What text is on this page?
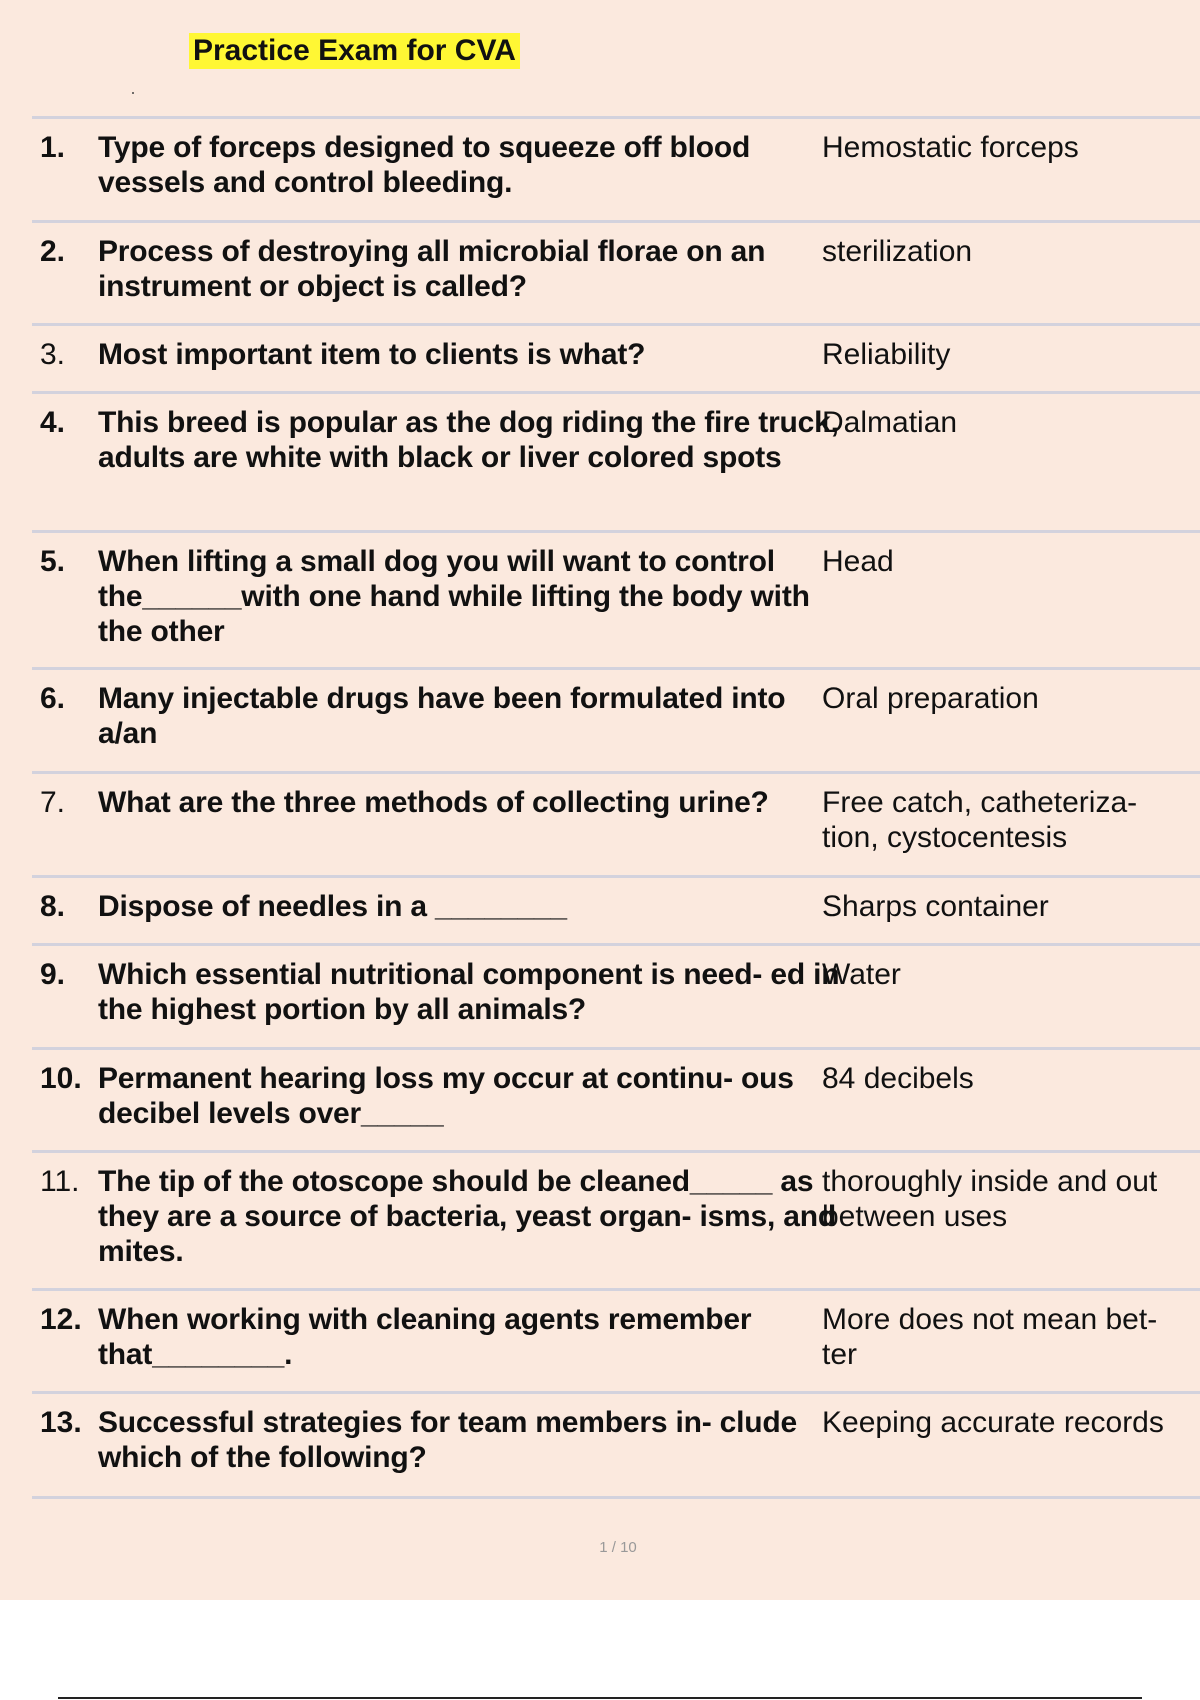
Practice Exam for CVA
1. Type of forceps designed to squeeze off blood vessels and control bleeding.
Hemostatic forceps
2. Process of destroying all microbial florae on an instrument or object is called?
sterilization
3. Most important item to clients is what?	Reliability
4. This breed is popular as the dog riding the fire truck, adults are white with black or liver colored spots
Dalmatian
5. When lifting a small dog you will want to control the______with one hand while lifting the body with the other
Head
6. Many injectable drugs have been formulated into a/an
Oral preparation
7. What are the three methods of collecting urine?	Free catch, catheteriza- tion, cystocentesis
8. Dispose of needles in a ________	Sharps container
9. Which essential nutritional component is need- ed in the highest portion by all animals?
Water
10. Permanent hearing loss my occur at continu- ous decibel levels over_____
84 decibels
11. The tip of the otoscope should be cleaned_____ as they are a source of bacteria, yeast organ- isms, and mites.
thoroughly inside and out between uses
12. When working with cleaning agents remember that________.
More does not mean bet- ter
13. Successful strategies for team members in- clude which of the following?
Keeping accurate records
1 / 10
